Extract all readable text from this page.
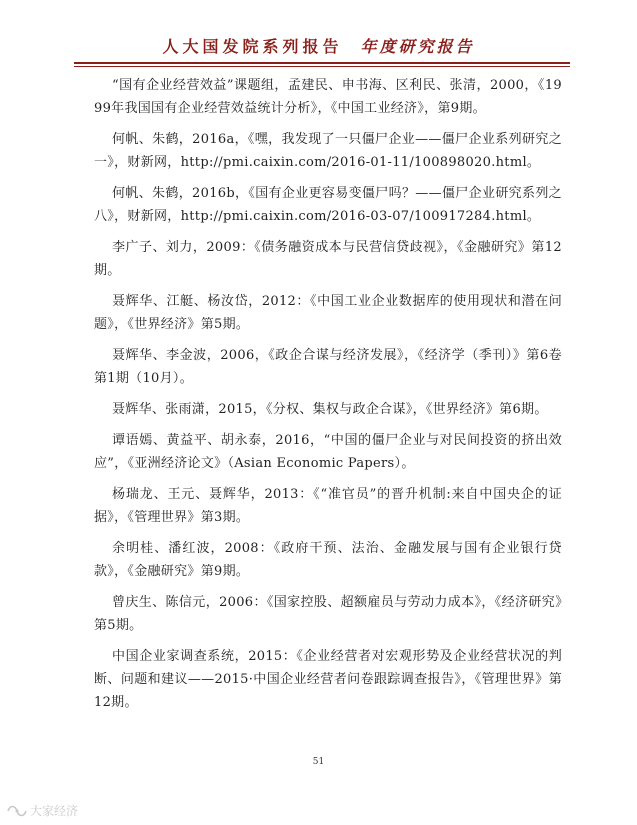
人大国发院系列报告 年度研究报告
“国有企业经营效益”课题组，孟建民、申书海、区利民、张清，2000，《1999年我国国有企业经营效益统计分析》，《中国工业经济》，第9期。
何帆、朱鹤，2016a，《嘿，我发现了一只僵尸企业——僵尸企业系列研究之一》，财新网，http://pmi.caixin.com/2016-01-11/100898020.html。
何帆、朱鹤，2016b，《国有企业更容易变僵尸吗？——僵尸企业研究系列之八》，财新网，http://pmi.caixin.com/2016-03-07/100917284.html。
李广子、刘力，2009：《债务融资成本与民营信贷歧视》，《金融研究》第12期。
聂辉华、江艇、杨汝岱，2012：《中国工业企业数据库的使用现状和潜在问题》，《世界经济》第5期。
聂辉华、李金波，2006，《政企合谋与经济发展》，《经济学（季刊）》第6卷第1期（10月）。
聂辉华、张雨潇，2015，《分权、集权与政企合谋》，《世界经济》第6期。
谭语嫣、黄益平、胡永泰，2016，“中国的僵尸企业与对民间投资的挤出效应”，《亚洲经济论文》（Asian Economic Papers）。
杨瑞龙、王元、聂辉华，2013：《“准官员”的晋升机制:来自中国央企的证据》，《管理世界》第3期。
余明桂、潘红波，2008：《政府干预、法治、金融发展与国有企业银行贷款》，《金融研究》第9期。
曾庆生、陈信元，2006：《国家控股、超额雇员与劳动力成本》，《经济研究》第5期。
中国企业家调查系统，2015：《企业经营者对宏观形势及企业经营状况的判断、问题和建议——2015·中国企业经营者问卷跟踪调查报告》，《管理世界》第12期。
51
大家经济
